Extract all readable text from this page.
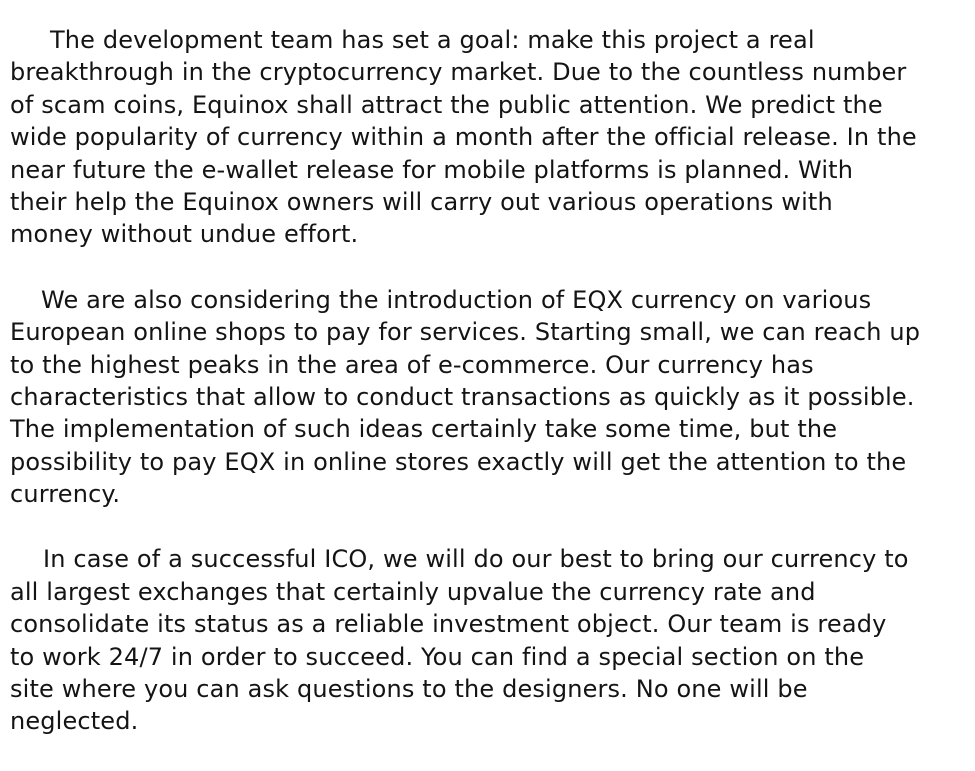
The development team has set a goal: make this project a real
breakthrough in the cryptocurrency market. Due to the countless number
of scam coins, Equinox shall attract the public attention. We predict the
wide popularity of currency within a month after the official release. In the
near future the e-wallet release for mobile platforms is planned. With
their help the Equinox owners will carry out various operations with
money without undue effort.

We are also considering the introduction of EQX currency on various
European online shops to pay for services. Starting small, we can reach up
to the highest peaks in the area of e-commerce. Our currency has
characteristics that allow to conduct transactions as quickly as it possible.
The implementation of such ideas certainly take some time, but the
possibility to pay EQX in online stores exactly will get the attention to the
currency.

In case of a successful ICO, we will do our best to bring our currency to
all largest exchanges that certainly upvalue the currency rate and
consolidate its status as a reliable investment object. Our team is ready
to work 24/7 in order to succeed. You can find a special section on the
site where you can ask questions to the designers. No one will be
neglected.
